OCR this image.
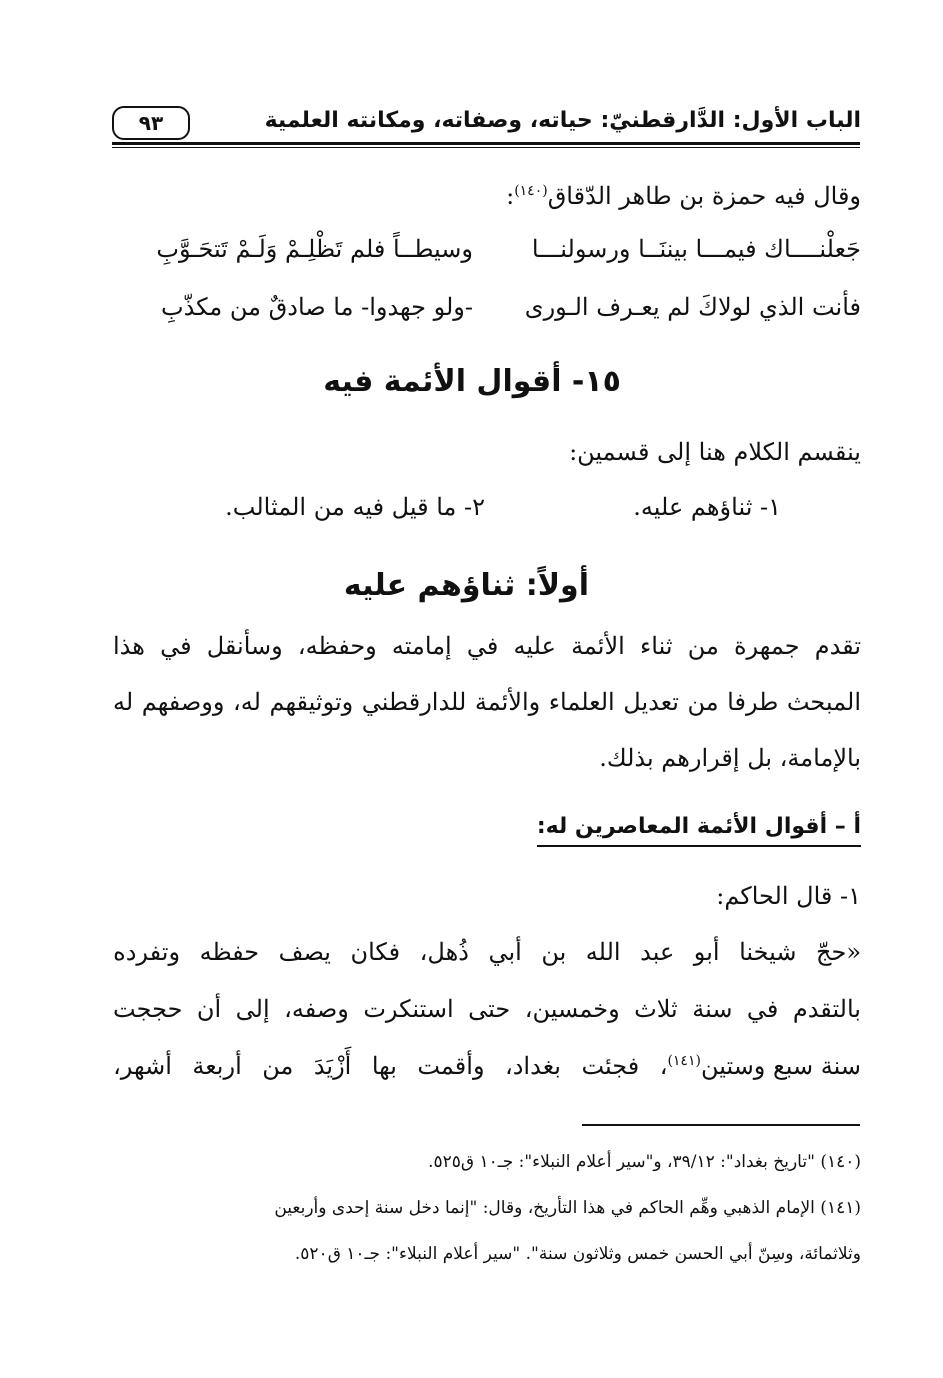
الباب الأول: الدَّارقطنيّ: حياته، وصفاته، ومكانته العلمية
٩٣
وقال فيه حمزة بن طاهر الدّقاق$^{(١٤٠)}$:
جَعلْنــــاك فيمـــا بيننَــا ورسولنـــا
وسيطــاً فلم تَظْلِـمْ وَلَـمْ تَتحَـوَّبِ
فأنت الذي لولاكَ لم يعـرف الـورى
-ولو جهدوا- ما صادقٌ من مكذّبِ
١٥- أقوال الأئمة فيه
ينقسم الكلام هنا إلى قسمين:
١- ثناؤهم عليه.
٢- ما قيل فيه من المثالب.
أولاً: ثناؤهم عليه
تقدم
جمهرة
من
ثناء
الأئمة
عليه
في
إمامته
وحفظه،
وسأنقل
في
هذا
المبحث
طرفا
من
تعديل
العلماء
والأئمة
للدارقطني
وتوثيقهم
له،
ووصفهم
له
بالإمامة، بل إقرارهم بذلك.
أ – أقوال الأئمة المعاصرين له:
١- قال الحاكم:
«حجّ
شيخنا
أبو
عبد
الله
بن
أبي
ذُهل،
فكان
يصف
حفظه
وتفرده
بالتقدم
في
سنة
ثلاث
وخمسين،
حتى
استنكرت
وصفه،
إلى
أن
حججت
سنة سبع وستين$^{(١٤١)}$،
فجئت
بغداد،
وأقمت
بها
أَزْيَدَ
من
أربعة
أشهر،
(١٤٠) "تاريخ بغداد": ٣٩/١٢، و"سير أعلام النبلاء": جـ١٠ ق٥٢٥.
(١٤١) الإمام الذهبي وهِّم الحاكم في هذا التأريخ، وقال: "إنما دخل سنة إحدى وأربعين
وثلاثمائة، وسِنّ أبي الحسن خمس وثلاثون سنة". "سير أعلام النبلاء": جـ١٠ ق٥٢٠.
